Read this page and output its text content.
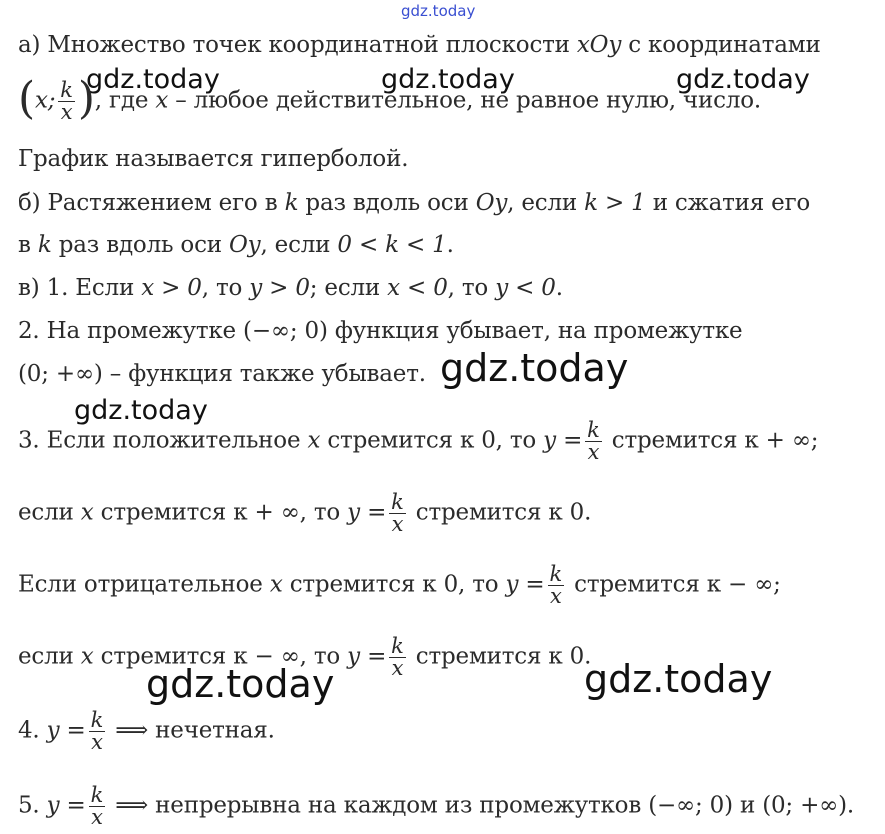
gdz.today
gdz.today	gdz.today	gdz.today
gdz.today
gdz.today
gdz.today	gdz.today
а) Множество точек координатной плоскости xOy с координатами
(x; $\frac{k}{x}$ ), где x – любое действительное, не равное нулю, число.
График называется гиперболой.
б) Растяжением его в k раз вдоль оси Oy, если k > 1 и сжатия его
в k раз вдоль оси Oy, если 0 < k < 1.
в) 1. Если x > 0, то y > 0; если x < 0, то y < 0.
2. На промежутке (−∞; 0) функция убывает, на промежутке
(0; +∞) – функция также убывает.
3. Если положительное x стремится к 0, то $y = \frac{k}{x}$ стремится к + ∞;
если x стремится к + ∞, то $y = \frac{k}{x}$ стремится к 0.
Если отрицательное x стремится к 0, то $y = \frac{k}{x}$ стремится к − ∞;
если x стремится к − ∞, то $y = \frac{k}{x}$ стремится к 0.
4. $y = \frac{k}{x}$ ⟹ нечетная.
5. $y = \frac{k}{x}$ ⟹ непрерывна на каждом из промежутков (−∞; 0) и (0; +∞).
